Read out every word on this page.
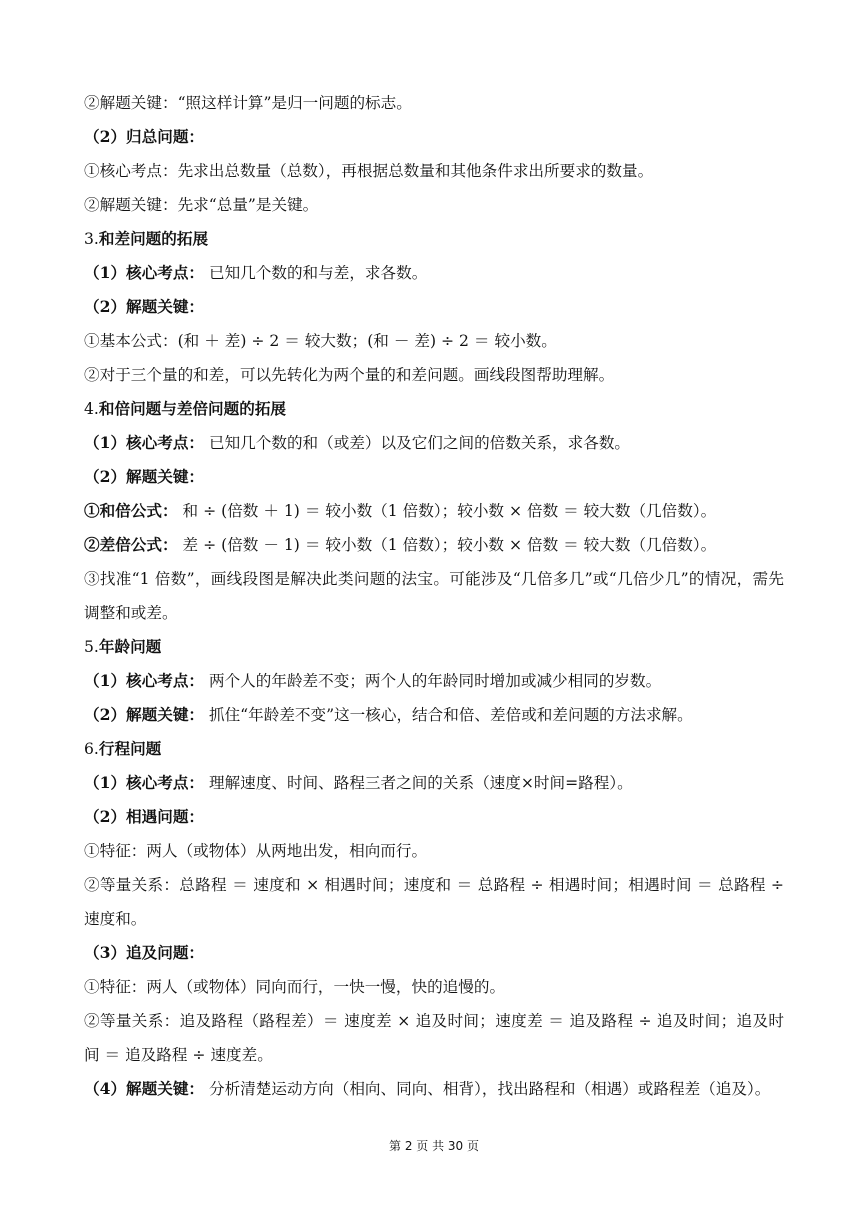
②解题关键：“照这样计算”是归一问题的标志。
（2）归总问题：
①核心考点：先求出总数量（总数），再根据总数量和其他条件求出所要求的数量。
②解题关键：先求“总量”是关键。
3.和差问题的拓展
（1）核心考点： 已知几个数的和与差，求各数。
（2）解题关键：
①基本公式：(和 ＋ 差) ÷ 2 ＝ 较大数；(和 － 差) ÷ 2 ＝ 较小数。
②对于三个量的和差，可以先转化为两个量的和差问题。画线段图帮助理解。
4.和倍问题与差倍问题的拓展
（1）核心考点： 已知几个数的和（或差）以及它们之间的倍数关系，求各数。
（2）解题关键：
①和倍公式： 和 ÷ (倍数 ＋ 1) ＝ 较小数（1 倍数）；较小数 × 倍数 ＝ 较大数（几倍数）。
②差倍公式： 差 ÷ (倍数 － 1) ＝ 较小数（1 倍数）；较小数 × 倍数 ＝ 较大数（几倍数）。
③找准“1 倍数”，画线段图是解决此类问题的法宝。可能涉及“几倍多几”或“几倍少几”的情况，需先调整和或差。
5.年龄问题
（1）核心考点： 两个人的年龄差不变；两个人的年龄同时增加或减少相同的岁数。
（2）解题关键： 抓住“年龄差不变”这一核心，结合和倍、差倍或和差问题的方法求解。
6.行程问题
（1）核心考点： 理解速度、时间、路程三者之间的关系（速度×时间=路程）。
（2）相遇问题：
①特征：两人（或物体）从两地出发，相向而行。
②等量关系：总路程 ＝ 速度和 × 相遇时间；速度和 ＝ 总路程 ÷ 相遇时间；相遇时间 ＝ 总路程 ÷ 速度和。
（3）追及问题：
①特征：两人（或物体）同向而行，一快一慢，快的追慢的。
②等量关系：追及路程（路程差）＝ 速度差 × 追及时间；速度差 ＝ 追及路程 ÷ 追及时间；追及时间 ＝ 追及路程 ÷ 速度差。
（4）解题关键： 分析清楚运动方向（相向、同向、相背），找出路程和（相遇）或路程差（追及）。
第 2 页 共 30 页
